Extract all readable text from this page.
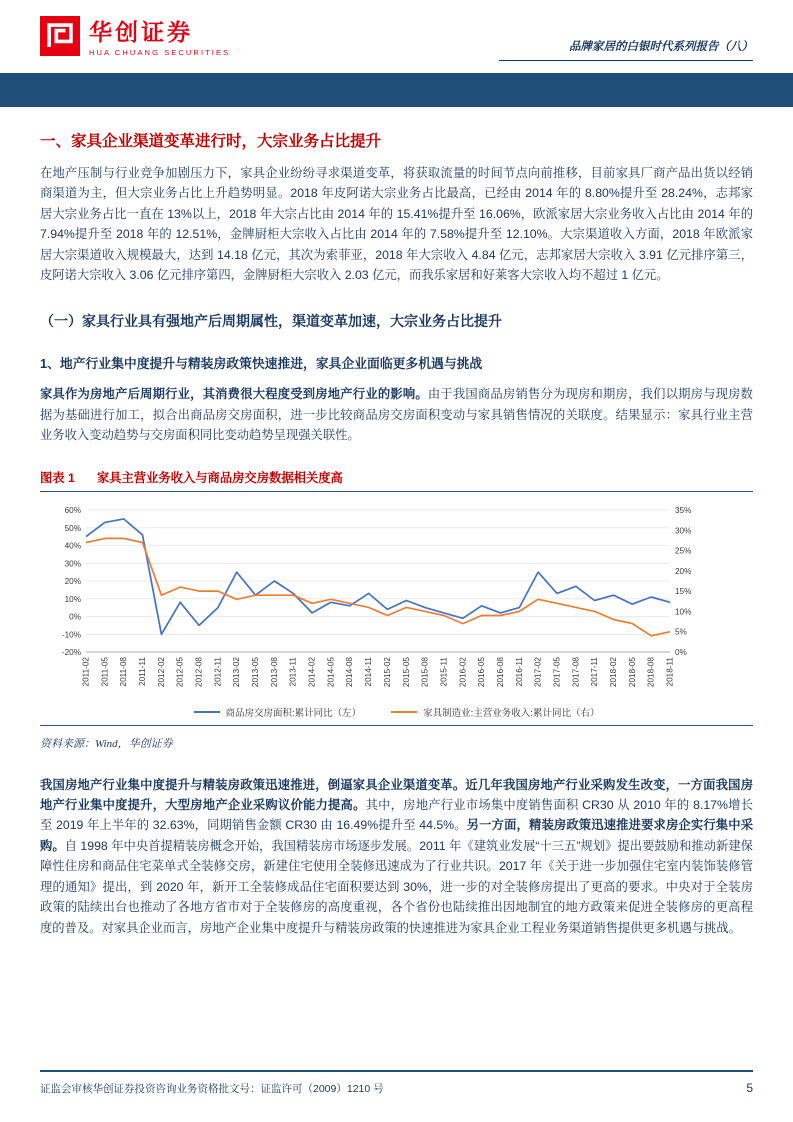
华创证券
HUA CHUANG SECURITIES	品牌家居的白银时代系列报告（八）
一、家具企业渠道变革进行时，大宗业务占比提升

在地产压制与行业竞争加剧压力下，家具企业纷纷寻求渠道变革，将获取流量的时间节点向前推移，目前家具厂商产品出货以经销商渠道为主，但大宗业务占比上升趋势明显。2018 年皮阿诺大宗业务占比最高，已经由 2014 年的 8.80%提升至 28.24%，志邦家居大宗业务占比一直在 13%以上，2018 年大宗占比由 2014 年的 15.41%提升至 16.06%，欧派家居大宗业务收入占比由 2014 年的 7.94%提升至 2018 年的 12.51%，金牌厨柜大宗收入占比由 2014 年的 7.58%提升至 12.10%。大宗渠道收入方面，2018 年欧派家居大宗渠道收入规模最大，达到 14.18 亿元，其次为索菲亚，2018 年大宗收入 4.84 亿元，志邦家居大宗收入 3.91 亿元排序第三，皮阿诺大宗收入 3.06 亿元排序第四，金牌厨柜大宗收入 2.03 亿元，而我乐家居和好莱客大宗收入均不超过 1 亿元。

（一）家具行业具有强地产后周期属性，渠道变革加速，大宗业务占比提升
1、地产行业集中度提升与精装房政策快速推进，家具企业面临更多机遇与挑战

家具作为房地产后周期行业，其消费很大程度受到房地产行业的影响。由于我国商品房销售分为现房和期房，我们以期房与现房数据为基础进行加工，拟合出商品房交房面积，进一步比较商品房交房面积变动与家具销售情况的关联度。结果显示：家具行业主营业务收入变动趋势与交房面积同比变动趋势呈现强关联性。

图表 1 家具主营业务收入与商品房交房数据相关度高
60%
50%
40%
30%
20%
10%
0%
-10%
-20%
35%
30%
25%
20%
15%
10%
5%
0%
2011-02 2011-05 2011-08 2011-11 2012-02 2012-05 2012-08 2012-11 2013-02 2013-05 2013-08 2013-11 2014-02 2014-05 2014-08 2014-11 2015-02 2015-05 2015-08 2015-11 2016-02 2016-05 2016-08 2016-11 2017-02 2017-05 2017-08 2017-11 2018-02 2018-05 2018-08 2018-11
商品房交房面积:累计同比（左）	家具制造业:主营业务收入:累计同比（右）
资料来源：Wind，华创证券

我国房地产行业集中度提升与精装房政策迅速推进，倒逼家具企业渠道变革。近几年我国房地产行业采购发生改变，一方面我国房地产行业集中度提升，大型房地产企业采购议价能力提高。其中，房地产行业市场集中度销售面积 CR30 从 2010 年的 8.17%增长至 2019 年上半年的 32.63%，同期销售金额 CR30 由 16.49%提升至 44.5%。另一方面，精装房政策迅速推进要求房企实行集中采购。自 1998 年中央首提精装房概念开始，我国精装房市场逐步发展。2011 年《建筑业发展“十三五”规划》提出要鼓励和推动新建保障性住房和商品住宅菜单式全装修交房，新建住宅使用全装修迅速成为了行业共识。2017 年《关于进一步加强住宅室内装饰装修管理的通知》提出，到 2020 年，新开工全装修成品住宅面积要达到 30%，进一步的对全装修房提出了更高的要求。中央对于全装房政策的陆续出台也推动了各地方省市对于全装修房的高度重视，各个省份也陆续推出因地制宜的地方政策来促进全装修房的更高程度的普及。对家具企业而言，房地产企业集中度提升与精装房政策的快速推进为家具企业工程业务渠道销售提供更多机遇与挑战。

证监会审核华创证券投资咨询业务资格批文号：证监许可（2009）1210 号	5
